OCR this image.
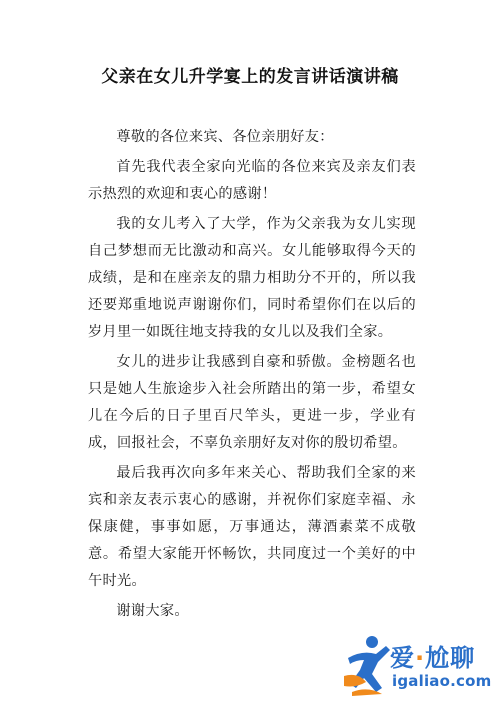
父亲在女儿升学宴上的发言讲话演讲稿

尊敬的各位来宾、各位亲朋好友：

首先我代表全家向光临的各位来宾及亲友们表示热烈的欢迎和衷心的感谢！

我的女儿考入了大学，作为父亲我为女儿实现自己梦想而无比激动和高兴。女儿能够取得今天的成绩，是和在座亲友的鼎力相助分不开的，所以我还要郑重地说声谢谢你们，同时希望你们在以后的岁月里一如既往地支持我的女儿以及我们全家。

女儿的进步让我感到自豪和骄傲。金榜题名也只是她人生旅途步入社会所踏出的第一步，希望女儿在今后的日子里百尺竿头，更进一步，学业有成，回报社会，不辜负亲朋好友对你的殷切希望。

最后我再次向多年来关心、帮助我们全家的来宾和亲友表示衷心的感谢，并祝你们家庭幸福、永保康健，事事如愿，万事通达，薄酒素菜不成敬意。希望大家能开怀畅饮，共同度过一个美好的中午时光。

谢谢大家。

爱·尬聊
igaliao.com
